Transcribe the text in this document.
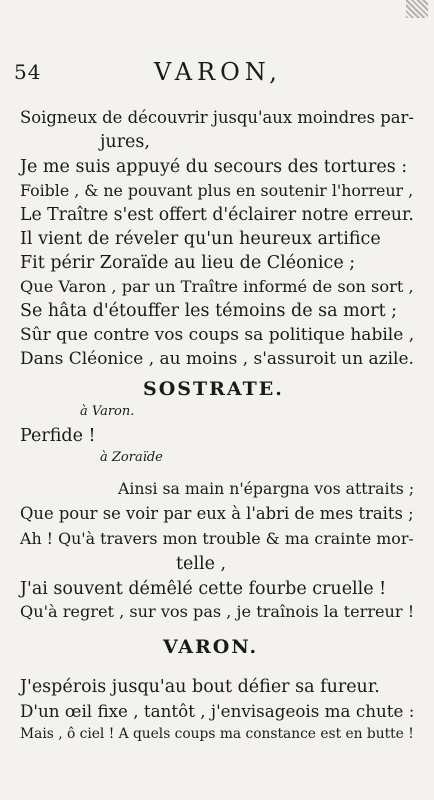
54	VARON,
Soigneux de découvrir jusqu'aux moindres par-
jures,
Je me suis appuyé du secours des tortures :
Foible , & ne pouvant plus en soutenir l'horreur ,
Le Traître s'est offert d'éclairer notre erreur.
Il vient de réveler qu'un heureux artifice
Fit périr Zoraïde au lieu de Cléonice ;
Que Varon , par un Traître informé de son sort ,
Se hâta d'étouffer les témoins de sa mort ;
Sûr que contre vos coups sa politique habile ,
Dans Cléonice , au moins , s'assuroit un azile.
SOSTRATE.
à Varon.
Perfide !
à Zoraïde
Ainsi sa main n'épargna vos attraits ;
Que pour se voir par eux à l'abri de mes traits ;
Ah ! Qu'à travers mon trouble & ma crainte mor-
telle ,
J'ai souvent démêlé cette fourbe cruelle !
Qu'à regret , sur vos pas , je traînois la terreur !
VARON.
J'espérois jusqu'au bout défier sa fureur.
D'un œil fixe , tantôt , j'envisageois ma chute :
Mais , ô ciel ! A quels coups ma constance est en butte !
